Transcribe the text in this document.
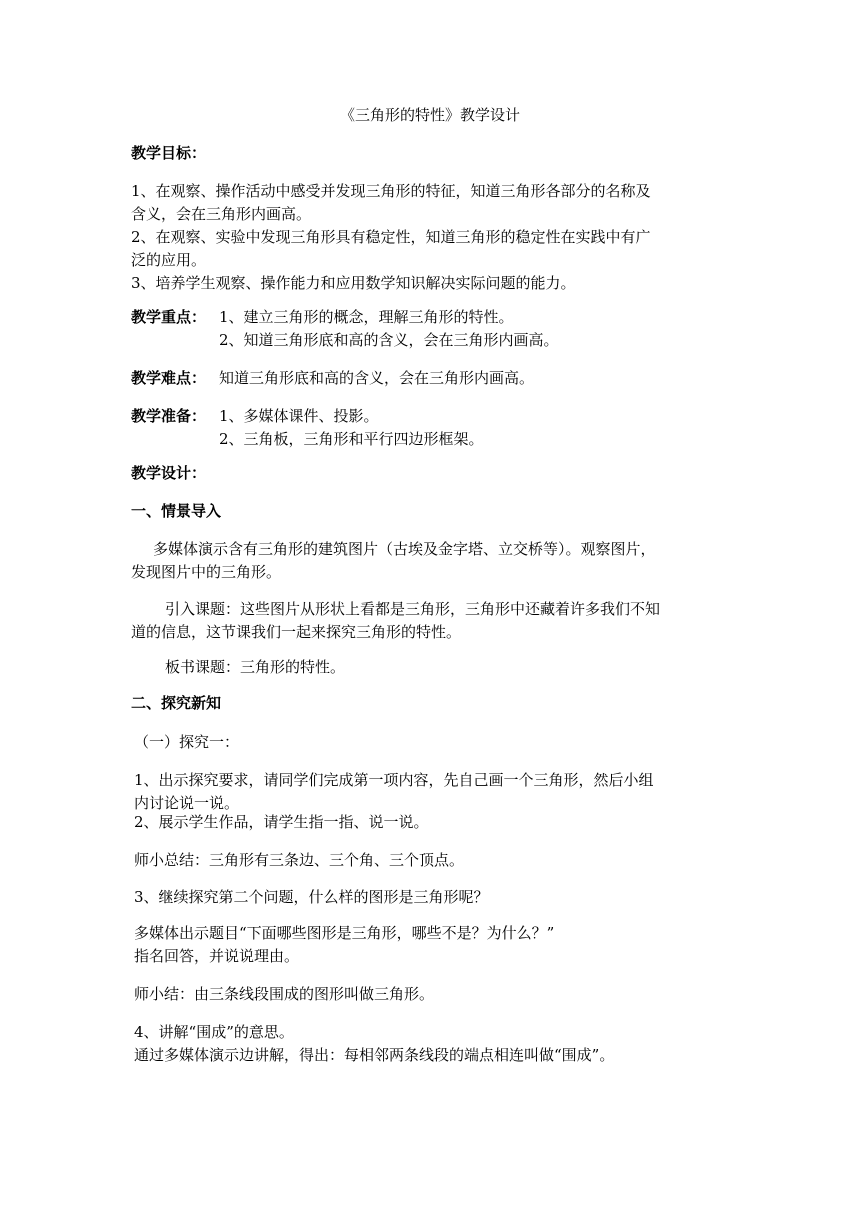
《三角形的特性》教学设计
教学目标：
1、在观察、操作活动中感受并发现三角形的特征，知道三角形各部分的名称及
含义，会在三角形内画高。
2、在观察、实验中发现三角形具有稳定性，知道三角形的稳定性在实践中有广
泛的应用。
3、培养学生观察、操作能力和应用数学知识解决实际问题的能力。
教学重点： 1、建立三角形的概念，理解三角形的特性。
2、知道三角形底和高的含义，会在三角形内画高。
教学难点： 知道三角形底和高的含义，会在三角形内画高。
教学准备： 1、多媒体课件、投影。
2、三角板，三角形和平行四边形框架。
教学设计：
一、情景导入
多媒体演示含有三角形的建筑图片（古埃及金字塔、立交桥等）。观察图片，
发现图片中的三角形。
引入课题：这些图片从形状上看都是三角形，三角形中还藏着许多我们不知
道的信息，这节课我们一起来探究三角形的特性。
板书课题：三角形的特性。
二、探究新知
（一）探究一：
1、出示探究要求，请同学们完成第一项内容，先自己画一个三角形，然后小组
内讨论说一说。
2、展示学生作品，请学生指一指、说一说。
师小总结：三角形有三条边、三个角、三个顶点。
3、继续探究第二个问题，什么样的图形是三角形呢？
多媒体出示题目“下面哪些图形是三角形，哪些不是？为什么？”
指名回答，并说说理由。
师小结：由三条线段围成的图形叫做三角形。
4、讲解“围成”的意思。
通过多媒体演示边讲解，得出：每相邻两条线段的端点相连叫做“围成”。
